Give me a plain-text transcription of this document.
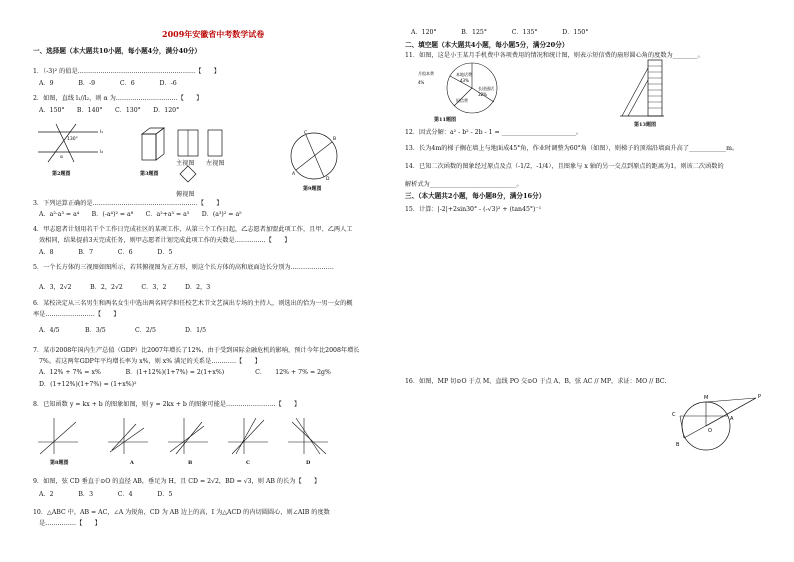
2009年安徽省中考数学试卷
一、选择题（本大题共10小题，每小题4分，满分40分）
1．（-3)² 的值是…………………………………………………【　　】
A．9　　　　B．-9　　　　C．6　　　　D．-6
2．如图，直线 l₁//l₂，则 α 为…………………………【　　】
A．150°　　B．140°　　C．130°　　D．120°
130°
α
l₁
l₂
第2题图	第3题图
主视图 左视图
俯视图
A
B
C
D
第9题图
3．下列运算正确的是……………………………………………【　　】
A．a²·a³ = a⁴　　B．(-a⁴)² = a⁸　　C．a²+a³ = a⁵　　D．(a³)² = a⁵
4．甲志愿者计划用若干个工作日完成社区的某项工作，从第三个工作日起，乙志愿者加盟此项工作，且甲、乙两人工
效相同，结果提前3天完成任务，则甲志愿者计划完成此项工作的天数是……………【　　】
A．8　　　　B．7　　　　C．6　　　　D．5
5．一个长方体的三视图如图所示，若其俯视图为正方形，则这个长方体的高和底面边长分别为…………………
A．3，2√2　　　B．2，2√2　　　C．3，2　　　D．2，3
6．某校决定从三名男生和两名女生中选出两名同学担任校艺术节文艺演出专场的主持人，则选出的恰为一男一女的概
率是……………………【　　】
A．4/5	B．3/5	C．2/5	D．1/5
7．某市2008年国内生产总值（GDP）比2007年增长了12%，由于受到国际金融危机的影响，预计今年比2008年增长
7%。若这两年GDP年平均增长率为 x%，则 x% 满足的关系是…………【　　】
A．12% + 7% = x%　　　　B．(1+12%)(1+7%) = 2(1+x%)　　　　　C．　　12% + 7% = 2g%
D．(1+12%)(1+7%) = (1+x%)²
8．已知函数 y = kx + b 的图象如图，则 y = 2kx + b 的图象可能是……………………【　　】
第8题图	A	B	C	D
9．如图，弦 CD 垂直于⊙O 的直径 AB，垂足为 H，且 CD = 2√2，BD = √3，则 AB 的长为【　　】
A．2　　　　B．3　　　　C．4　　　　D．5
10．△ABC 中，AB = AC，∠A 为锐角，CD 为 AB 边上的高，I 为△ACD 的内切圆圆心，则∠AIB 的度数
是……………【　　】
A．120°　　　　B．125°　　　　C．135°　　　　D．150°
二、填空题（本大题共4小题，每小题5分，满分20分）
11．如图，这是小王某月手机费中各项费用的情况和统计图，则表示短信费的扇形圆心角的度数为________。
月租本费
4%
本地话费
43%
长途通话
32%
短信费
第11题图
第13题图
12．因式分解：a² - b² - 2b - 1 = ________________________。
13．长为4m的梯子搁在墙上与地面成45°角，作业时调整为60°角（如图），则梯子的顶端沿墙面升高了____________m。
14．已知二次函数的图象经过原点及点（-1/2，-1/4），且图象与 x 轴的另一交点到原点的距离为1，则该二次函数的
解析式为____________________________。
三、（本大题共2小题，每小题8分，满分16分）
15．计算：|-2|+2sin30° - (-√3)² + (tan45°)⁻¹
16．如图，MP 切⊙O 于点 M，直线 PO 交⊙O 于点 A、B，弦 AC // MP，求证：MO // BC.
M	P
C
A
O
B
